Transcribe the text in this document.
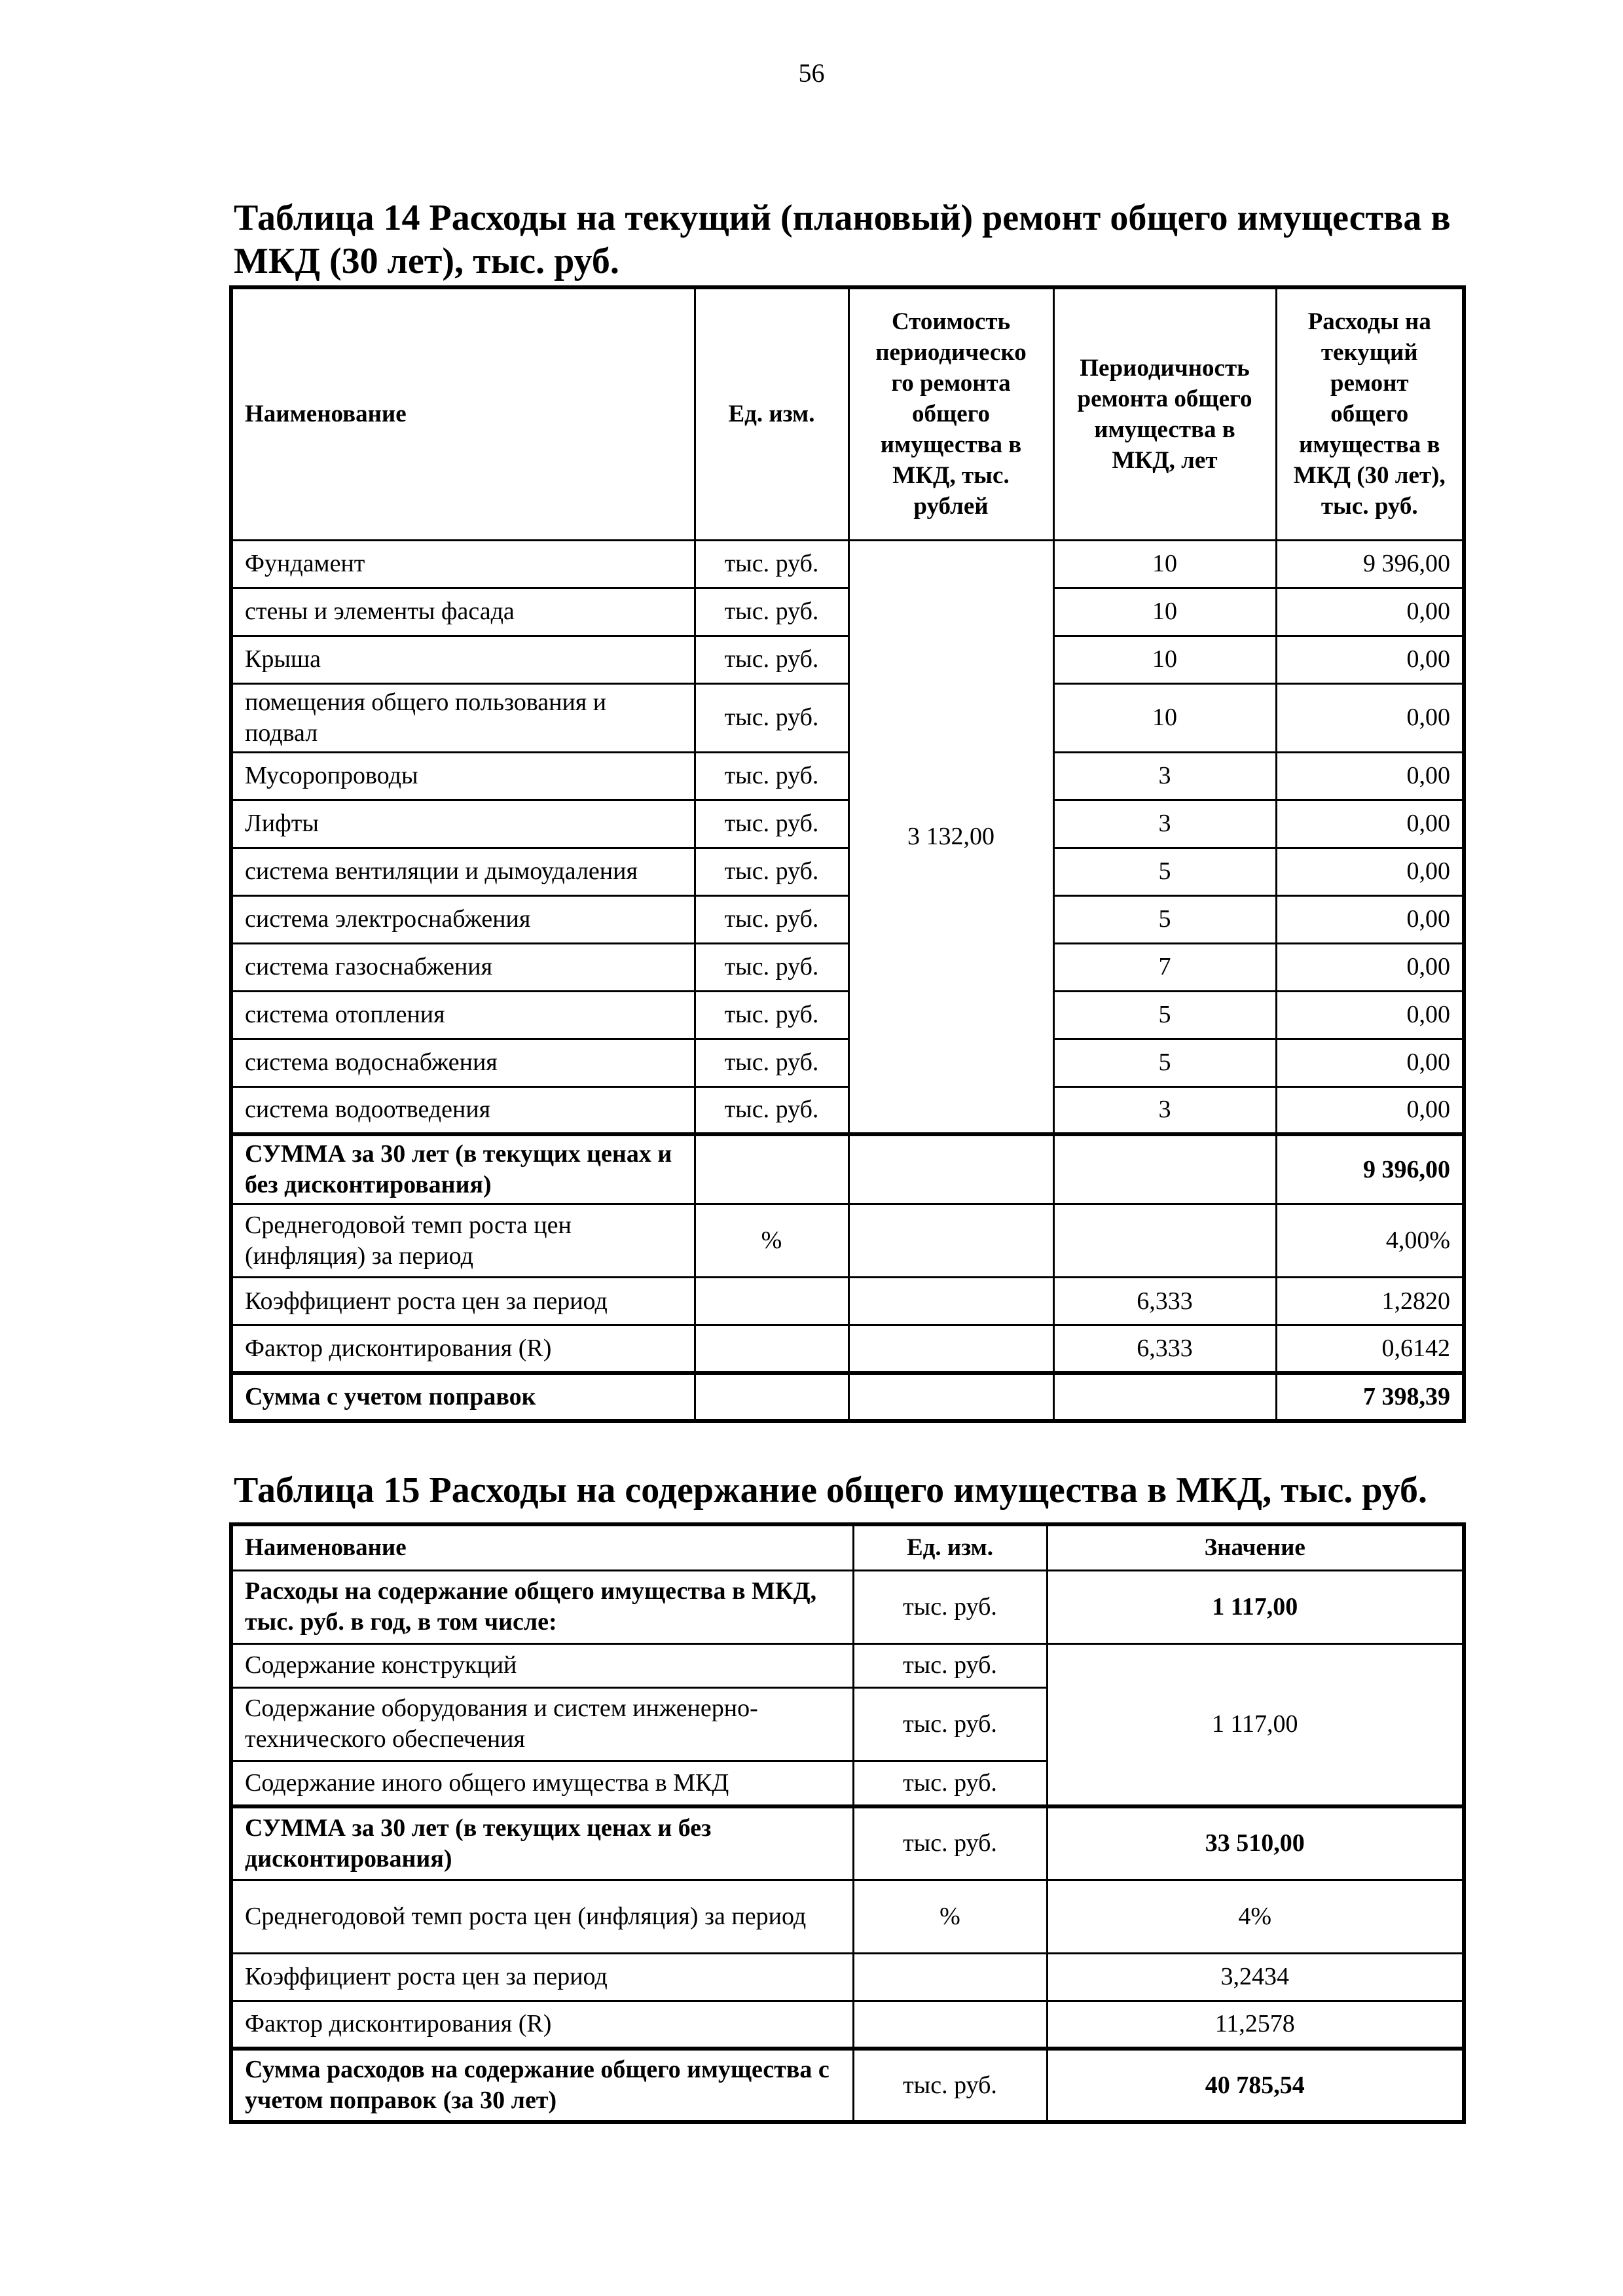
56
Таблица 14 Расходы на текущий (плановый) ремонт общего имущества в МКД (30 лет), тыс. руб.
Наименование	Ед. изм.	Стоимость периодическо го ремонта общего имущества в МКД, тыс. рублей	Периодичность ремонта общего имущества в МКД, лет	Расходы на текущий ремонт общего имущества в МКД (30 лет), тыс. руб.
Фундамент	тыс. руб.	3 132,00	10	9 396,00
стены и элементы фасада	тыс. руб.		10	0,00
Крыша	тыс. руб.		10	0,00
помещения общего пользования и подвал	тыс. руб.		10	0,00
Мусоропроводы	тыс. руб.		3	0,00
Лифты	тыс. руб.		3	0,00
система вентиляции и дымоудаления	тыс. руб.		5	0,00
система электроснабжения	тыс. руб.		5	0,00
система газоснабжения	тыс. руб.		7	0,00
система отопления	тыс. руб.		5	0,00
система водоснабжения	тыс. руб.		5	0,00
система водоотведения	тыс. руб.		3	0,00
СУММА за 30 лет (в текущих ценах и без дисконтирования)				9 396,00
Среднегодовой темп роста цен (инфляция) за период	%			4,00%
Коэффициент роста цен за период			6,333	1,2820
Фактор дисконтирования (R)			6,333	0,6142
Сумма с учетом поправок				7 398,39
Таблица 15 Расходы на содержание общего имущества в МКД, тыс. руб.
Наименование	Ед. изм.	Значение
Расходы на содержание общего имущества в МКД, тыс. руб. в год, в том числе:	тыс. руб.	1 117,00
Содержание конструкций	тыс. руб.	1 117,00
Содержание оборудования и систем инженерно-технического обеспечения	тыс. руб.	
Содержание иного общего имущества в МКД	тыс. руб.	
СУММА за 30 лет (в текущих ценах и без дисконтирования)	тыс. руб.	33 510,00
Среднегодовой темп роста цен (инфляция) за период	%	4%
Коэффициент роста цен за период		3,2434
Фактор дисконтирования (R)		11,2578
Сумма расходов на содержание общего имущества с учетом поправок (за 30 лет)	тыс. руб.	40 785,54
